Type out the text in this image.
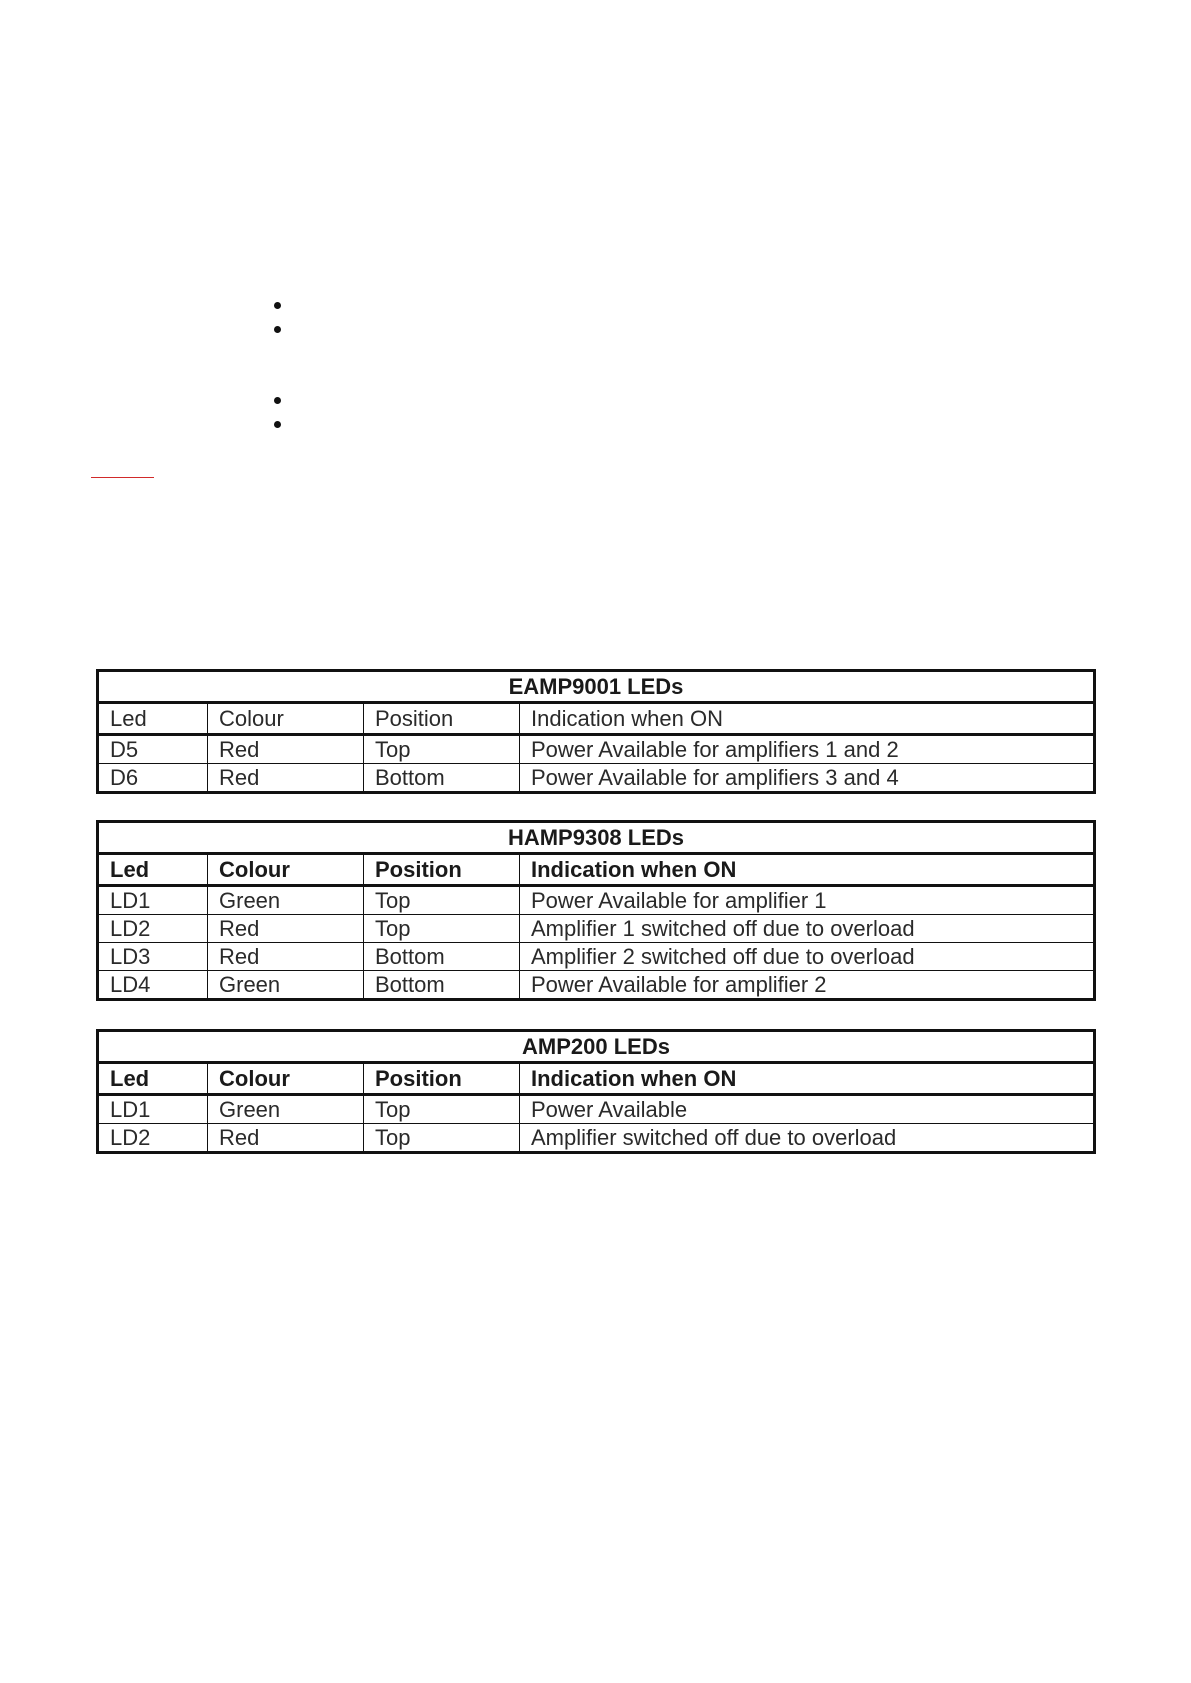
EAMP9001 LEDs			
Led	Colour	Position	Indication when ON
D5	Red	Top	Power Available for amplifiers 1 and 2
D6	Red	Bottom	Power Available for amplifiers 3 and 4
HAMP9308 LEDs			
Led	Colour	Position	Indication when ON
LD1	Green	Top	Power Available for amplifier 1
LD2	Red	Top	Amplifier 1 switched off due to overload
LD3	Red	Bottom	Amplifier 2 switched off due to overload
LD4	Green	Bottom	Power Available for amplifier 2
AMP200 LEDs			
Led	Colour	Position	Indication when ON
LD1	Green	Top	Power Available
LD2	Red	Top	Amplifier switched off due to overload
